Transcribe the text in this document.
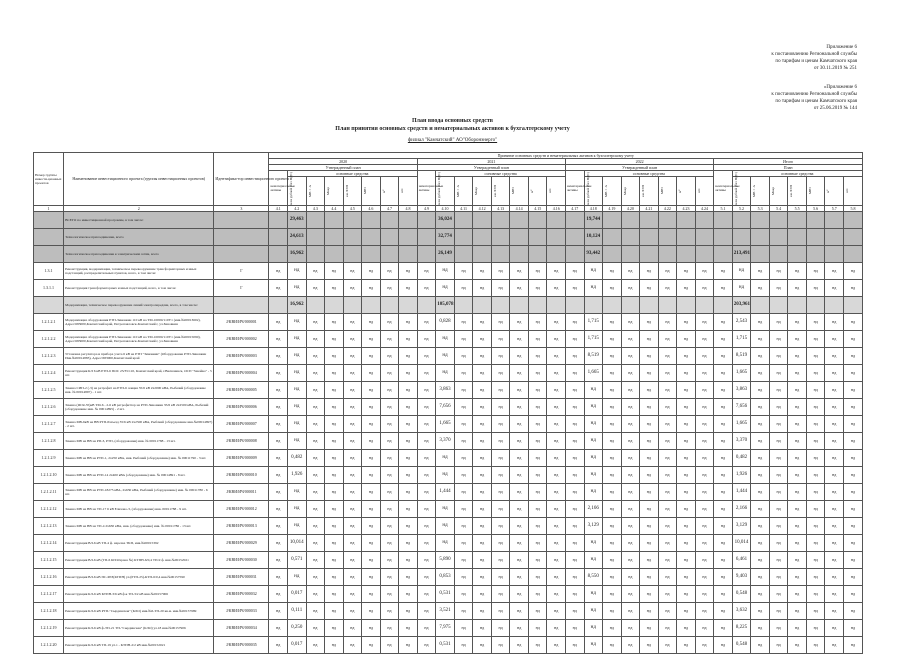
Приложение 6
к постановлению Региональной службы
по тарифам и ценам Камчатского края
от 30.11.2019 № 251
«Приложение 6
к постановлению Региональной службы
по тарифам и ценам Камчатского края
от 25.06.2019 № 144
План ввода основных средств
План принятия основных средств и нематериальных активов к бухгалтерскому учету
филиал "Камчатский" АО"Оборонэнерго"
Номер группы инвести-ционных проектов	Наименование инвестиционного проекта (группы инвестиционных проектов)	Идентифика-тор инвестиционного проекта	Принятие основных средств и нематериальных активов к бухгалтерскому учету																															
			2020								2021								2022								Итого							
			Утвержденный план								Утвержденный план								Утвержденный план								План							
			нематериальные активы	основные средства							нематериальные активы	основные средства							нематериальные активы	основные средства							нематериальные активы	основные средства						

				млн рублей (без НДС)	МВ×А	Мвар	км ЛЭП	МВт	м²	шт.		млн рублей (без НДС)	МВ×А	Мвар	км ЛЭП	МВт	м²	шт.		млн рублей (без НДС)	МВ×А	Мвар	км ЛЭП	МВт	м²	шт.		млн рублей (без НДС)	МВ×А	Мвар	км ЛЭП	МВт	м²	шт.

1	2	3	4.1	4.2	4.3	4.4	4.5	4.6	4.7	4.8	4.9	4.10	4.11	4.12	4.13	4.14	4.15	4.16	4.17	4.18	4.19	4.20	4.21	4.22	4.23	4.24	5.1	5.2	5.3	5.4	5.5	5.6	5.7	5.8
	ВСЕГО по инвестиционной программе, в том числе:			29,463								36,024								19,744														
	Технологическое присоединение, всего			24,613								32,774								10,124														
	Технологическое присоединение к электрическим сетям, всего			16,962								26,149								93,442								213,491						
1.3.1	Реконструкция, модернизация, техническое перевооружение трансформаторных и иных подстанций, распределительных пунктов, всего, в том числе:	Г	нд	нд	нд	нд	нд	нд	нд	нд	нд	нд	нд	нд	нд	нд	нд	нд	нд	нд	нд	нд	нд	нд	нд	нд	нд	нд	нд	нд	нд	нд	нд	нд
1.3.1.1	Реконструкция трансформаторных и иных подстанций, всего, в том числе:	Г	нд	нд	нд	нд	нд	нд	нд	нд	нд	нд	нд	нд	нд	нд	нд	нд	нд	нд	нд	нд	нд	нд	нд	нд	нд	нд	нд	нд	нд	нд	нд	нд
	Модернизация, техническое перевооружение линий электропередачи, всего, в том числе:			16,962								105,078																203,961						
1.2.1.2.1	Модернизация оборудования РТП-Зиновкин 110 кВ на ТМ-10000/110У1 (инв.№00013602), Адрес:683000,Камчатский край, Петропавловск-Камчатский г, ул.Зиновкин	J/КВИ/ИЧ/000001	нд	нд	нд	нд	нд	нд	нд	нд	нд	0,828	нд	нд	нд	нд	нд	нд	нд	1,715	нд	нд	нд	нд	нд	нд	нд	2,543	нд	нд	нд	нд	нд	нд
1.2.1.2.2	Модернизация оборудования РТП-Зиновкин 110 кВ на ТМ-10000/110У1 (инв.№00015090), Адрес:683000,Камчатский край, Петропавловск-Камчатский г, ул.Зиновкин	J/КВИ/ИЧ/000002	нд	нд	нд	нд	нд	нд	нд	нд	нд	нд	нд	нд	нд	нд	нд	нд	нд	1,715	нд	нд	нд	нд	нд	нд	нд	1,715	нд	нд	нд	нд	нд	нд
1.2.1.2.3	Установка регулятора и прибора учета 6 кВ на РТП "Зиновкин" (Оборудование РТП-Зиновкин Инв.№00014883), Адрес:683000,Камчатский край	J/КВИ/ИЧ/000003	нд	нд	нд	нд	нд	нд	нд	нд	нд	нд	нд	нд	нд	нд	нд	нд	нд	8,519	нд	нд	нд	нд	нд	нд	нд	8,519	нд	нд	нд	нд	нд	нд
1.2.1.2.4	Реконструкция КЛ 6 кВ РТП-6 ПОС 23/35/110, Камчатский край, г.Вилючинск, ОСП "Завойко" - 5 шт.	J/КВИ/ИЧ/000004	нд	нд	нд	нд	нд	нд	нд	нд	нд	нд	нд	нд	нд	нд	нд	нд	нд	1,665	нд	нд	нд	нд	нд	нд	нд	1,665	нд	нд	нд	нд	нд	нд
1.2.1.2.5	Замена СИП-2 (-3) на ретрофит на РТП-6 секция 35/6 кВ 2х2000 кВА, Рыбачий (оборудование инв. № 00014897) - 1 шт.	J/КВИ/ИЧ/000005	нд	нд	нд	нд	нд	нд	нд	нд	нд	3,863	нд	нд	нд	нд	нд	нд	нд	нд	нд	нд	нд	нд	нд	нд	нд	3,863	нд	нд	нд	нд	нд	нд
1.2.1.2.6	Замена (ЯСЯ-35)кВ ТМ-6 - 2-6 кВ ретрофиттер на РТП-Зиновкин 35/6 кВ 2х2500 кВА, Рыбачий (оборудование инв. № 00014895) - 2 шт.	J/КВИ/ИЧ/000006	нд	нд	нд	нд	нд	нд	нд	нд	нд	7,656	нд	нд	нд	нд	нд	нд	нд	нд	нд	нд	нд	нд	нд	нд	нд	7,656	нд	нд	нд	нд	нд	нд
1.2.1.2.7	Замена МВ-6кВ на ВВ РТП-Разъезд 35/6 кВ 2х2500 кВА, Рыбачий (оборудование инв.№00014897) - 2 шт.	J/КВИ/ИЧ/000007	нд	нд	нд	нд	нд	нд	нд	нд	нд	1,665	нд	нд	нд	нд	нд	нд	нд	нд	нд	нд	нд	нд	нд	нд	нд	1,665	нд	нд	нд	нд	нд	нд
1.2.1.2.8	Замена МВ на ВВ на РП-3, РТП, (оборудование) инв. № 00011788 - 13 шт.	J/КВИ/ИЧ/000008	нд	нд	нд	нд	нд	нд	нд	нд	нд	3,370	нд	нд	нд	нд	нд	нд	нд	нд	нд	нд	нд	нд	нд	нд	нд	3,370	нд	нд	нд	нд	нд	нд
1.2.1.2.9	Замена МВ на ВВ на РТП-1, 2х250 кВА, инв. Рыбачий (оборудование) инв. № 00011790 - 3 шт.	J/КВИ/ИЧ/000009	нд	0,482	нд	нд	нд	нд	нд	нд	нд	нд	нд	нд	нд	нд	нд	нд	нд	нд	нд	нд	нд	нд	нд	нд	нд	0,482	нд	нд	нд	нд	нд	нд
1.2.1.2.10	Замена МВ на ВВ на РТП-14 2х400 кВА (оборудование) инв. № 00014891 - 8 шт.	J/КВИ/ИЧ/000010	нд	1,926	нд	нд	нд	нд	нд	нд	нд	нд	нд	нд	нд	нд	нд	нд	нд	нд	нд	нд	нд	нд	нд	нд	нд	1,926	нд	нд	нд	нд	нд	нд
1.2.1.2.11	Замена МВ на ВВ на РТП-18275 кВА, 2х630 кВА, Рыбачий (оборудование) инв. № 00011780 - 6 шт.	J/КВИ/ИЧ/000011	нд	нд	нд	нд	нд	нд	нд	нд	нд	1,444	нд	нд	нд	нд	нд	нд	нд	нд	нд	нд	нд	нд	нд	нд	нд	1,444	нд	нд	нд	нд	нд	нд
1.2.1.2.12	Замена МВ на ВВ на ТП-17 6 кВ Елизово-3, (оборудование) инв. 00011788 - 9 шт.	J/КВИ/ИЧ/000012	нд	нд	нд	нд	нд	нд	нд	нд	нд	нд	нд	нд	нд	нд	нд	нд	нд	2,166	нд	нд	нд	нд	нд	нд	нд	2,166	нд	нд	нд	нд	нд	нд
1.2.1.2.13	Замена МВ на ВВ на ТП-4 2х630 кВА, инв. (оборудование) инв. № 00011786 - 13 шт.	J/КВИ/ИЧ/000013	нд	нд	нд	нд	нд	нд	нд	нд	нд	нд	нд	нд	нд	нд	нд	нд	нд	3,129	нд	нд	нд	нд	нд	нд	нд	3,129	нд	нд	нд	нд	нд	нд
1.2.1.2.14	Реконструкция ВЛ-6 кВ ТП-4 ф. нарезка ТКП, инв.№00015392	J/КВИ/ИЧ/000029	нд	10,014	нд	нд	нд	нд	нд	нд	нд	нд	нд	нд	нд	нд	нд	нд	нд	нд	нд	нд	нд	нд	нд	нд	нд	10,014	нд	нд	нд	нд	нд	нд
1.2.1.2.15	Реконструкция ВЛ-6 кВ (ТП-6 КП/Охрана №) КТПН-6/0,4 ТП-9 ф. инв.№00152021	J/КВИ/ИЧ/000030	нд	0,571	нд	нд	нд	нд	нд	нд	нд	5,890	нд	нд	нд	нд	нд	нд	нд	нд	нд	нд	нд	нд	нд	нд	нд	6,461	нд	нд	нд	нд	нд	нд
1.2.1.2.16	Реконструкция ВЛ-6 кВ ПС-РЛЗ(КТПН) ул.(РТП-25)-КТП-6/0,4 инв.№00157590	J/КВИ/ИЧ/000031	нд	нд	нд	нд	нд	нд	нд	нд	нд	0,853	нд	нд	нд	нд	нд	нд	нд	8,550	нд	нд	нд	нд	нд	нд	нд	9,403	нд	нд	нд	нд	нд	нд
1.2.1.2.17	Реконструкция КЛ-6 кВ КТПН-3/6 кВ ф.к ТП-3/2 кВ инв.№00157906	J/КВИ/ИЧ/000032	нд	0,017	нд	нд	нд	нд	нд	нд	нд	0,531	нд	нд	нд	нд	нд	нд	нд	нд	нд	нд	нд	нд	нд	нд	нд	0,548	нд	нд	нд	нд	нд	нд
1.2.1.2.18	Реконструкция КЛ-6 кВ РТП-"Сырдинская" (КЛО) инв.№6-ТП-20 кв.м. инв.№00157989	J/КВИ/ИЧ/000033	нд	0,111	нд	нд	нд	нд	нд	нд	нд	3,521	нд	нд	нд	нд	нд	нд	нд	нд	нд	нд	нд	нд	нд	нд	нд	3,632	нд	нд	нд	нд	нд	нд
1.2.1.2.19	Реконструкция КЛ-6 кВ ф-ТП-21 ТП-"Сырдинская" (КЛО) ул.18 инв.№00157906	J/КВИ/ИЧ/000034	нд	0,250	нд	нд	нд	нд	нд	нд	нд	7,975	нд	нд	нд	нд	нд	нд	нд	нд	нд	нд	нд	нд	нд	нд	нд	8,225	нд	нд	нд	нд	нд	нд
1.2.1.2.20	Реконструкция КЛ-6 кВ ТП-19 ул.1 - КТПН-2/2 кВ инв.№00152021	J/КВИ/ИЧ/000035	нд	0,017	нд	нд	нд	нд	нд	нд	нд	0,531	нд	нд	нд	нд	нд	нд	нд	нд	нд	нд	нд	нд	нд	нд	нд	0,548	нд	нд	нд	нд	нд	нд
